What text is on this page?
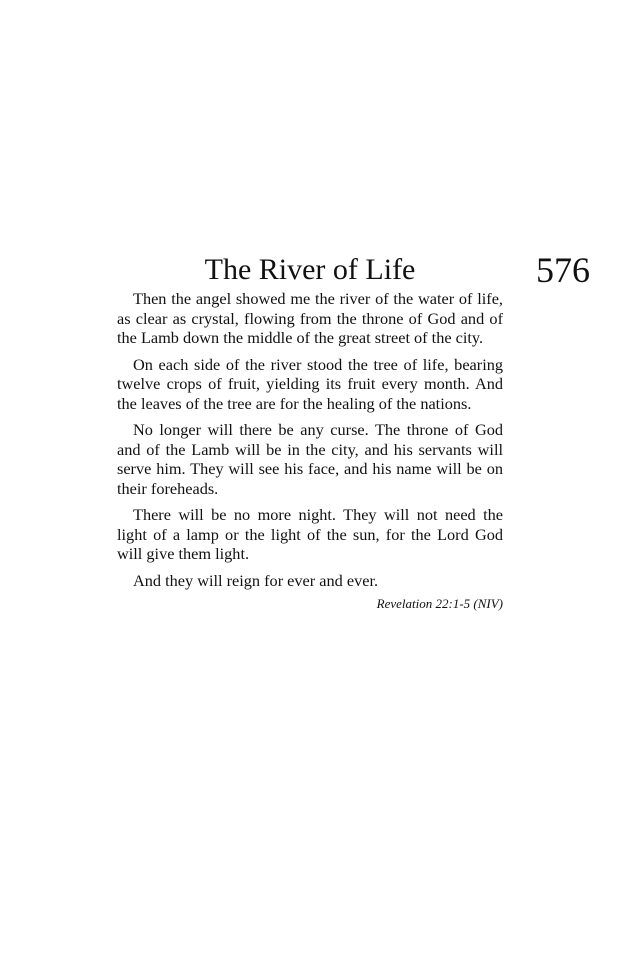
The River of Life	576

Then the angel showed me the river of the water of life, as clear as crystal, flowing from the throne of God and of the Lamb down the middle of the great street of the city.

On each side of the river stood the tree of life, bearing twelve crops of fruit, yielding its fruit every month. And the leaves of the tree are for the healing of the nations.

No longer will there be any curse. The throne of God and of the Lamb will be in the city, and his servants will serve him. They will see his face, and his name will be on their foreheads.

There will be no more night. They will not need the light of a lamp or the light of the sun, for the Lord God will give them light.

And they will reign for ever and ever.

Revelation 22:1-5 (NIV)
